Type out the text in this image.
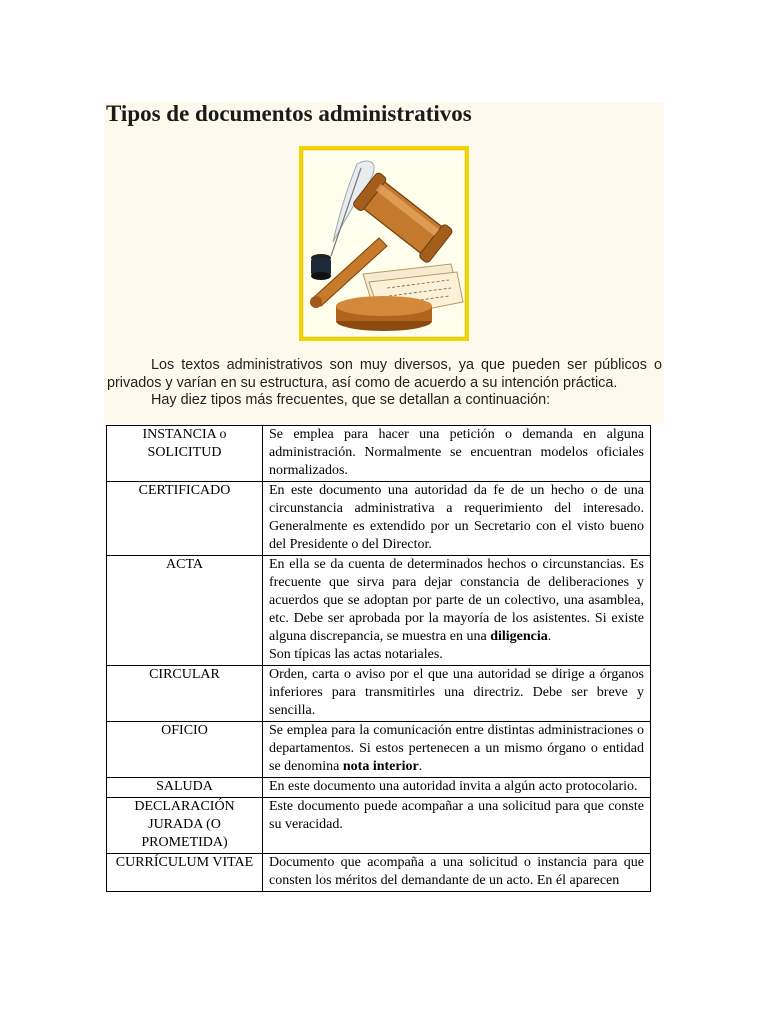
Tipos de documentos administrativos

Los textos administrativos son muy diversos, ya que pueden ser públicos o privados y varían en su estructura, así como de acuerdo a su intención práctica.

Hay diez tipos más frecuentes, que se detallan a continuación:

INSTANCIA o SOLICITUD	Se emplea para hacer una petición o demanda en alguna administración. Normalmente se encuentran modelos oficiales normalizados.
CERTIFICADO	En este documento una autoridad da fe de un hecho o de una circunstancia administrativa a requerimiento del interesado. Generalmente es extendido por un Secretario con el visto bueno del Presidente o del Director.
ACTA	En ella se da cuenta de determinados hechos o circunstancias. Es frecuente que sirva para dejar constancia de deliberaciones y acuerdos que se adoptan por parte de un colectivo, una asamblea, etc. Debe ser aprobada por la mayoría de los asistentes. Si existe alguna discrepancia, se muestra en una diligencia.
Son típicas las actas notariales.
CIRCULAR	Orden, carta o aviso por el que una autoridad se dirige a órganos inferiores para transmitirles una directriz. Debe ser breve y sencilla.
OFICIO	Se emplea para la comunicación entre distintas administraciones o departamentos. Si estos pertenecen a un mismo órgano o entidad se denomina nota interior.
SALUDA	En este documento una autoridad invita a algún acto protocolario.
DECLARACIÓN JURADA (O PROMETIDA)	Este documento puede acompañar a una solicitud para que conste su veracidad.
CURRÍCULUM VITAE	Documento que acompaña a una solicitud o instancia para que consten los méritos del demandante de un acto. En él aparecen
